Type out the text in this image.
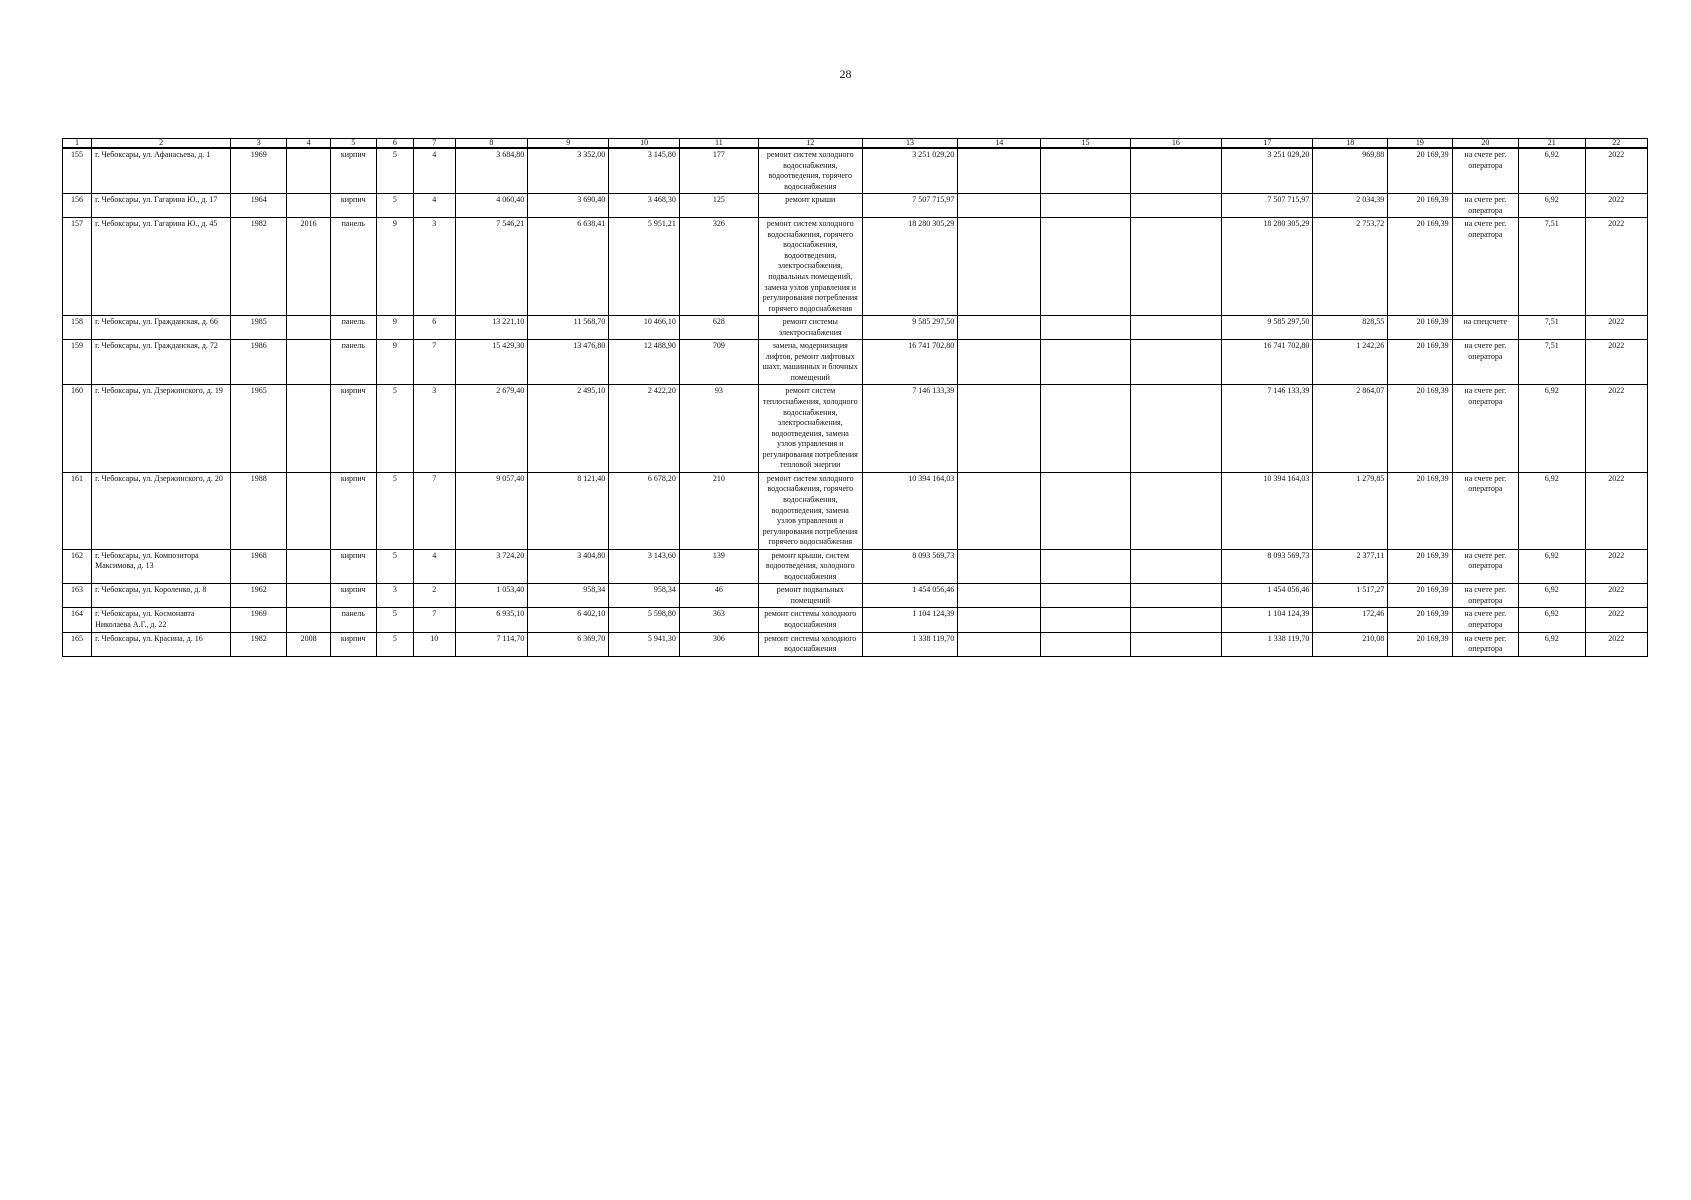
28
1	2	3	4	5	6	7	8	9	10	11	12	13	14	15	16	17	18	19	20	21	22
155	г. Чебоксары, ул. Афанасьева, д. 1	1969		кирпич	5	4	3 684,80	3 352,00	3 145,80	177	ремонт систем холодного водоснабжения, водоотведения, горячего водоснабжения	3 251 029,20				3 251 029,20	969,88	20 169,39	на счете рег. оператора	6,92	2022
156	г. Чебоксары, ул. Гагарина Ю., д. 17	1964		кирпич	5	4	4 060,40	3 690,40	3 468,30	125	ремонт крыши	7 507 715,97				7 507 715,97	2 034,39	20 169,39	на счете рег. оператора	6,92	2022
157	г. Чебоксары, ул. Гагарина Ю., д. 45	1982	2016	панель	9	3	7 546,21	6 638,41	5 951,21	326	ремонт систем холодного водоснабжения, горячего водоснабжения, водоотведения, электроснабжения, подвальных помещений, замена узлов управления и регулирования потребления горячего водоснабжения	18 280 305,29				18 280 305,29	2 753,72	20 169,39	на счете рег. оператора	7,51	2022
158	г. Чебоксары, ул. Гражданская, д. 66	1985		панель	9	6	13 221,10	11 568,70	10 466,10	628	ремонт системы электроснабжения	9 585 297,50				9 585 297,50	828,55	20 169,39	на спецсчете	7,51	2022
159	г. Чебоксары, ул. Гражданская, д. 72	1986		панель	9	7	15 429,30	13 476,80	12 488,90	709	замена, модернизация лифтов, ремонт лифтовых шахт, машинных и блочных помещений	16 741 702,80				16 741 702,80	1 242,26	20 169,39	на счете рег. оператора	7,51	2022
160	г. Чебоксары, ул. Дзержинского, д. 19	1965		кирпич	5	3	2 679,40	2 495,10	2 422,20	93	ремонт систем теплоснабжения, холодного водоснабжения, электроснабжения, водоотведения, замена узлов управления и регулирования потребления тепловой энергии	7 146 133,39				7 146 133,39	2 864,07	20 169,39	на счете рег. оператора	6,92	2022
161	г. Чебоксары, ул. Дзержинского, д. 20	1988		кирпич	5	7	9 057,40	8 121,40	6 678,20	210	ремонт систем холодного водоснабжения, горячего водоснабжения, водоотведения, замена узлов управления и регулирования потребления горячего водоснабжения	10 394 164,03				10 394 164,03	1 279,85	20 169,39	на счете рег. оператора	6,92	2022
162	г. Чебоксары, ул. Композитора Максимова, д. 13	1968		кирпич	5	4	3 724,20	3 404,80	3 143,60	139	ремонт крыши, систем водоотведения, холодного водоснабжения	8 093 569,73				8 093 569,73	2 377,11	20 169,39	на счете рег. оператора	6,92	2022
163	г. Чебоксары, ул. Короленко, д. 8	1962		кирпич	3	2	1 053,40	958,34	958,34	46	ремонт подвальных помещений	1 454 056,46				1 454 056,46	1 517,27	20 169,39	на счете рег. оператора	6,92	2022
164	г. Чебоксары, ул. Космонавта Николаева А.Г., д. 22	1969		панель	5	7	6 935,10	6 402,10	5 598,80	363	ремонт системы холодного водоснабжения	1 104 124,39				1 104 124,39	172,46	20 169,39	на счете рег. оператора	6,92	2022
165	г. Чебоксары, ул. Красина, д. 16	1982	2008	кирпич	5	10	7 114,70	6 369,70	5 941,30	306	ремонт системы холодного водоснабжения	1 338 119,70				1 338 119,70	210,08	20 169,39	на счете рег. оператора	6,92	2022
